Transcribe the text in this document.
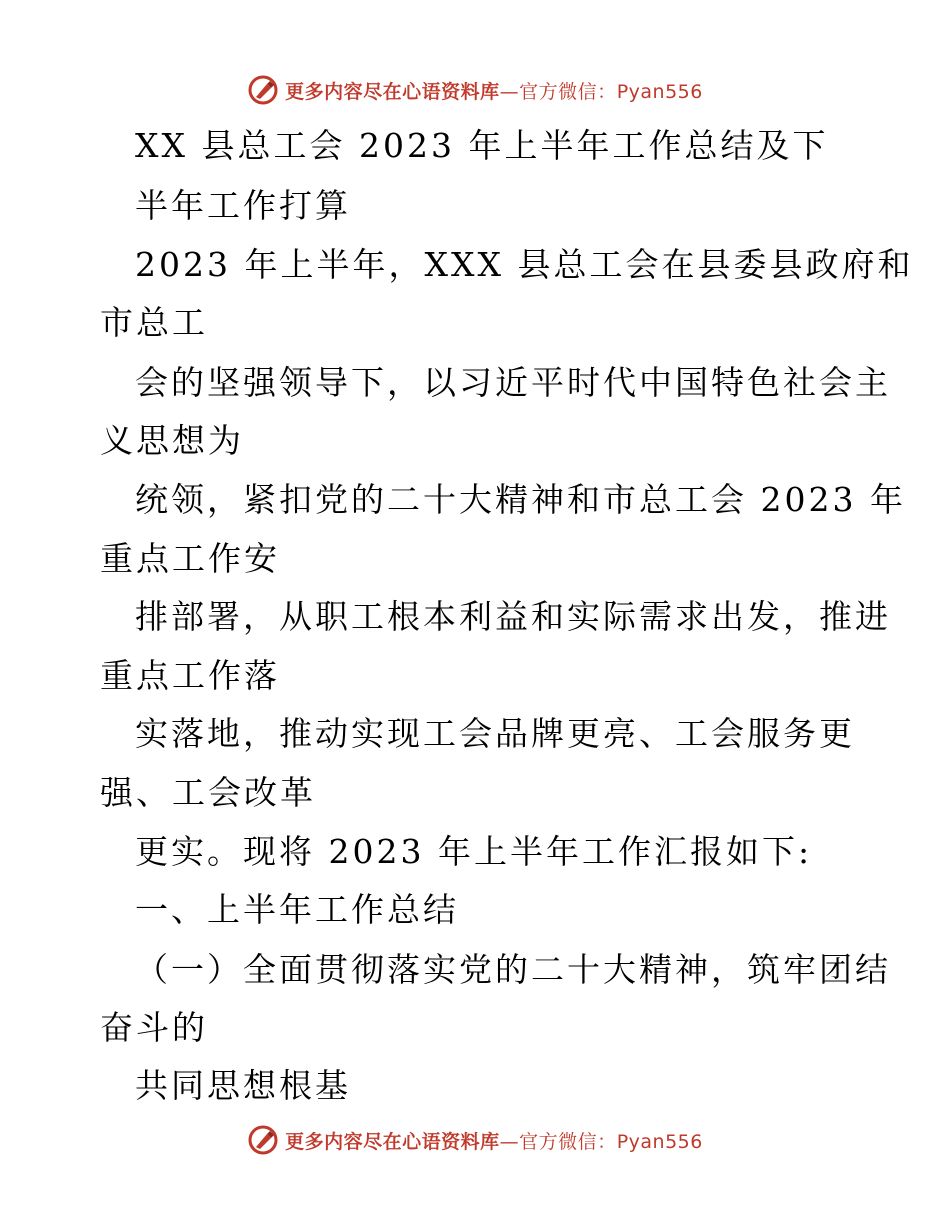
更多内容尽在心语资料库—官方微信：Pyan556
XX 县总工会 2023 年上半年工作总结及下
半年工作打算
2023 年上半年，XXX 县总工会在县委县政府和
市总工
会的坚强领导下，以习近平时代中国特色社会主
义思想为
统领，紧扣党的二十大精神和市总工会 2023 年
重点工作安
排部署，从职工根本利益和实际需求出发，推进
重点工作落
实落地，推动实现工会品牌更亮、工会服务更
强、工会改革
更实。现将 2023 年上半年工作汇报如下:
一、上半年工作总结
（一）全面贯彻落实党的二十大精神，筑牢团结
奋斗的
共同思想根基
更多内容尽在心语资料库—官方微信：Pyan556
